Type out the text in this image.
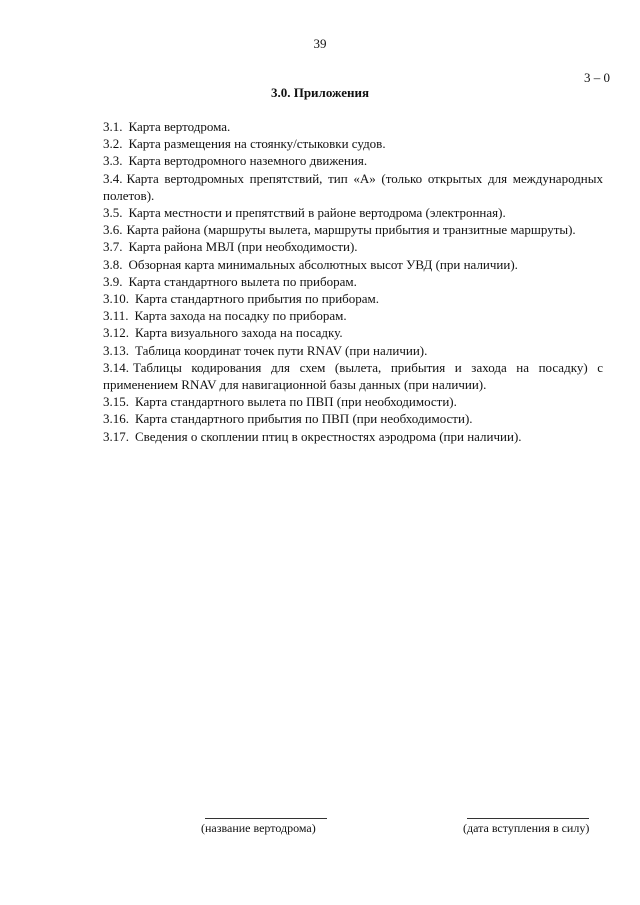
39
3 – 0
3.0. Приложения
3.1. Карта вертодрома.
3.2. Карта размещения на стоянку/стыковки судов.
3.3. Карта вертодромного наземного движения.
3.4. Карта вертодромных препятствий, тип «А» (только открытых для международных полетов).
3.5. Карта местности и препятствий в районе вертодрома (электронная).
3.6. Карта района (маршруты вылета, маршруты прибытия и транзитные маршруты).
3.7. Карта района МВЛ (при необходимости).
3.8. Обзорная карта минимальных абсолютных высот УВД (при наличии).
3.9. Карта стандартного вылета по приборам.
3.10. Карта стандартного прибытия по приборам.
3.11. Карта захода на посадку по приборам.
3.12. Карта визуального захода на посадку.
3.13. Таблица координат точек пути RNAV (при наличии).
3.14. Таблицы кодирования для схем (вылета, прибытия и захода на посадку) с применением RNAV для навигационной базы данных (при наличии).
3.15. Карта стандартного вылета по ПВП (при необходимости).
3.16. Карта стандартного прибытия по ПВП (при необходимости).
3.17. Сведения о скоплении птиц в окрестностях аэродрома (при наличии).
(название вертодрома)	(дата вступления в силу)
